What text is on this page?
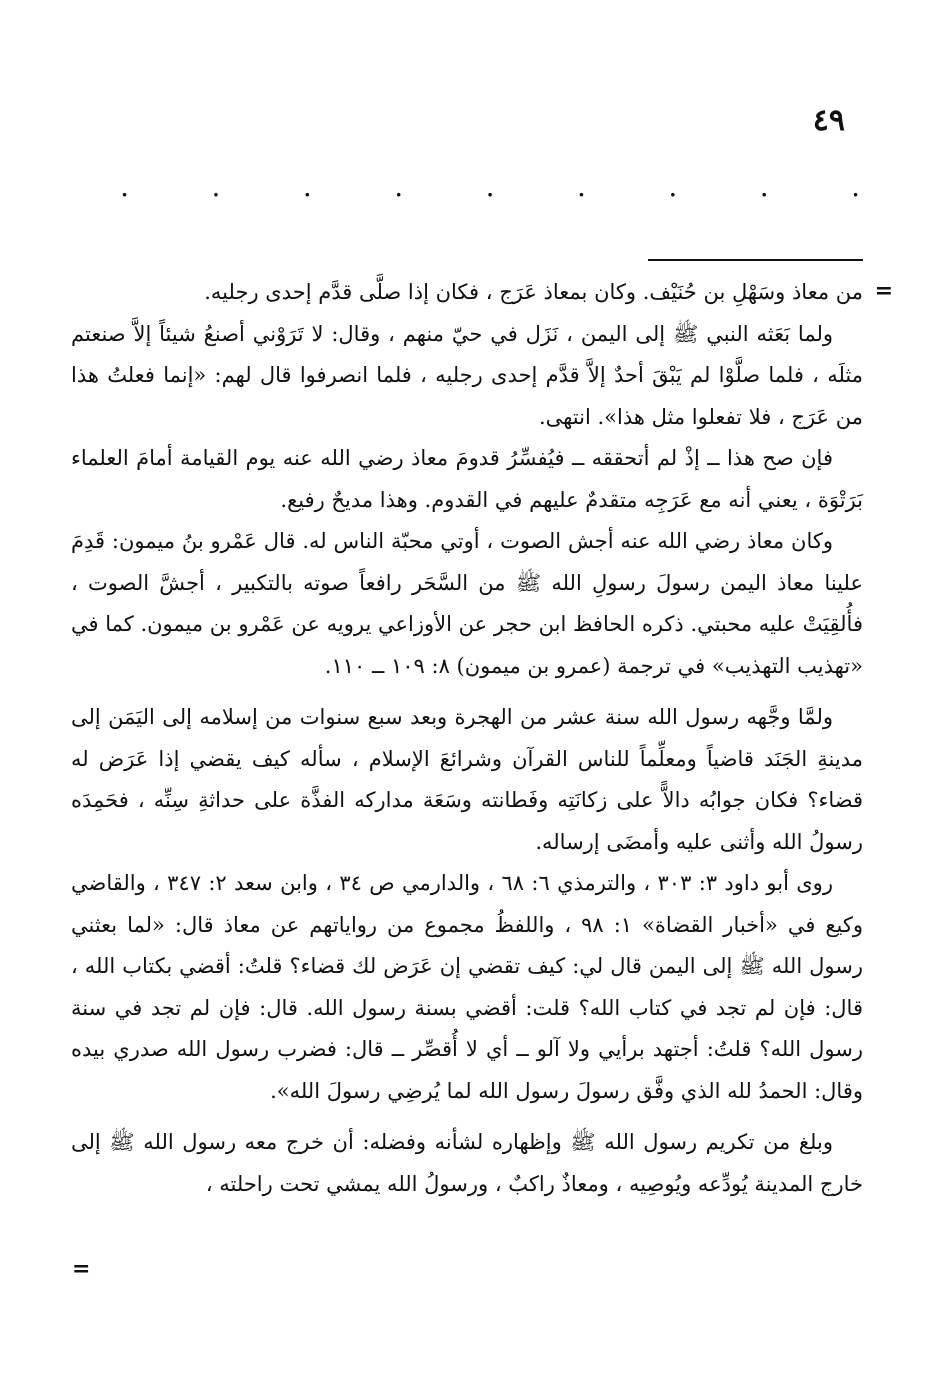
٤٩
.
.
.
.
.
.
.
.
.
=

من معاذ وسَهْلِ بن حُنَيْف. وكان بمعاذ عَرَج ، فكان إذا صلَّى قدَّم إحدى رجليه.

ولما بَعَثه النبي ﷺ إلى اليمن ، نَزَل في حيّ منهم ، وقال: لا تَرَوْني أصنعُ شيئاً إلاَّ صنعتم مثلَه ، فلما صلَّوْا لم يَبْقَ أحدٌ إلاَّ قدَّم إحدى رجليه ، فلما انصرفوا قال لهم: «إنما فعلتُ هذا من عَرَج ، فلا تفعلوا مثل هذا». انتهى.

فإن صح هذا ــ إذْ لم أتحققه ــ فيُفسِّرُ قدومَ معاذ رضي الله عنه يوم القيامة أمامَ العلماء بَرَتْوَة ، يعني أنه مع عَرَجِه متقدمٌ عليهم في القدوم. وهذا مديحٌ رفيع.

وكان معاذ رضي الله عنه أجش الصوت ، أوتي محبّة الناس له. قال عَمْرو بنُ ميمون: قَدِمَ علينا معاذ اليمن رسولَ رسولِ الله ﷺ من السَّحَر رافعاً صوته بالتكبير ، أجشَّ الصوت ، فأُلقِيَتْ عليه محبتي. ذكره الحافظ ابن حجر عن الأوزاعي يرويه عن عَمْرو بن ميمون. كما في «تهذيب التهذيب» في ترجمة (عمرو بن ميمون) ٨: ١٠٩ ــ ١١٠.

ولمَّا وجَّهه رسول الله سنة عشر من الهجرة وبعد سبع سنوات من إسلامه إلى اليَمَن إلى مدينةِ الجَنَد قاضياً ومعلِّماً للناس القرآن وشرائعَ الإسلام ، سأله كيف يقضي إذا عَرَض له قضاء؟ فكان جوابُه دالاًّ على زكانَتِه وفَطانته وسَعَة مداركه الفذَّة على حداثةِ سِنِّه ، فحَمِدَه رسولُ الله وأثنى عليه وأمضَى إرساله.

روى أبو داود ٣: ٣٠٣ ، والترمذي ٦: ٦٨ ، والدارمي ص ٣٤ ، وابن سعد ٢: ٣٤٧ ، والقاضي وكيع في «أخبار القضاة» ١: ٩٨ ، واللفظُ مجموع من رواياتهم عن معاذ قال: «لما بعثني رسول الله ﷺ إلى اليمن قال لي: كيف تقضي إن عَرَض لك قضاء؟ قلتُ: أقضي بكتاب الله ، قال: فإن لم تجد في كتاب الله؟ قلت: أقضي بسنة رسول الله. قال: فإن لم تجد في سنة رسول الله؟ قلتُ: أجتهد برأيي ولا آلو ــ أي لا أُقصِّر ــ قال: فضرب رسول الله صدري بيده وقال: الحمدُ لله الذي وفَّق رسولَ رسول الله لما يُرضِي رسولَ الله».

وبلغ من تكريم رسول الله ﷺ وإظهاره لشأنه وفضله: أن خرج معه رسول الله ﷺ إلى خارج المدينة يُودِّعه ويُوصِيه ، ومعاذٌ راكبٌ ، ورسولُ الله يمشي تحت راحلته ،

=
